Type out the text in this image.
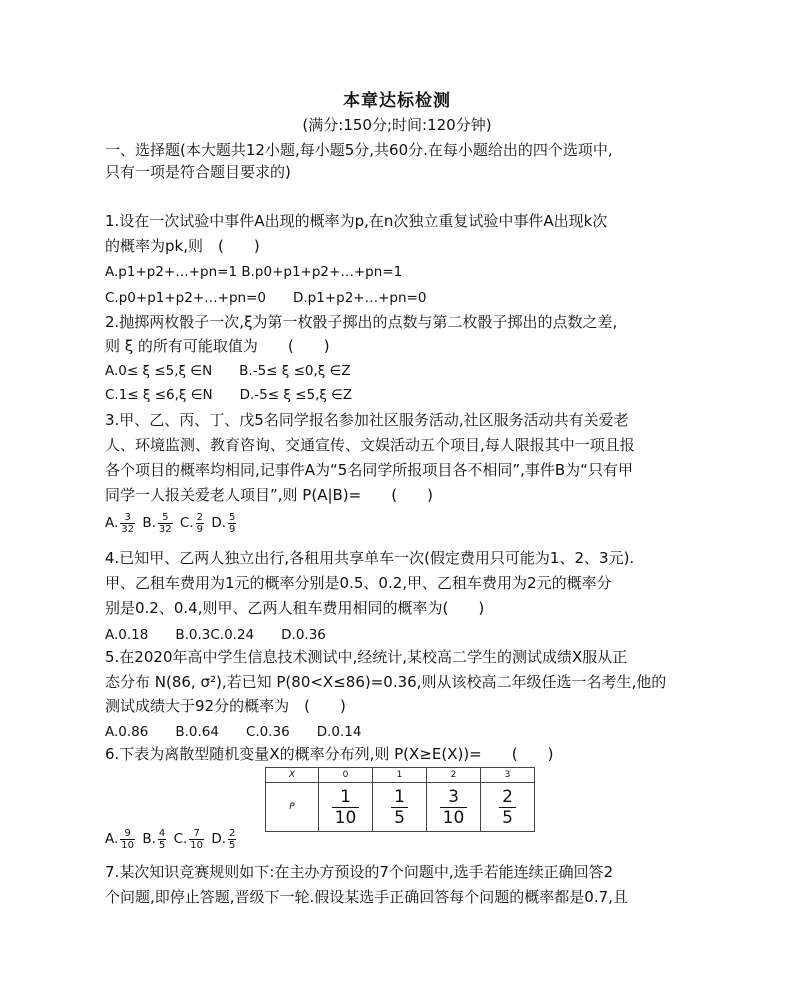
本章达标检测
(满分:150分;时间:120分钟)
一、选择题(本大题共12小题,每小题5分,共60分.在每小题给出的四个选项中,
只有一项是符合题目要求的)
1.设在一次试验中事件A出现的概率为p,在n次独立重复试验中事件A出现k次
的概率为pk,则　(　　)
A.p1+p2+…+pn=1 B.p0+p1+p2+…+pn=1
C.p0+p1+p2+…+pn=0　　D.p1+p2+…+pn=0
2.抛掷两枚骰子一次,ξ为第一枚骰子掷出的点数与第二枚骰子掷出的点数之差,
则 ξ 的所有可能取值为　　(　　)
A.0≤ ξ ≤5,ξ ∈N　　B.-5≤ ξ ≤0,ξ ∈Z
C.1≤ ξ ≤6,ξ ∈N　　D.-5≤ ξ ≤5,ξ ∈Z
3.甲、乙、丙、丁、戊5名同学报名参加社区服务活动,社区服务活动共有关爱老
人、环境监测、教育咨询、交通宣传、文娱活动五个项目,每人限报其中一项且报
各个项目的概率均相同,记事件A为“5名同学所报项目各不相同”,事件B为“只有甲
同学一人报关爱老人项目”,则 P(A|B)=　　(　　)
A. $\frac{3}{32} B$. $\frac{5}{32} C$. $\frac{2}{9} D$. $\frac{5}{9}$
4.已知甲、乙两人独立出行,各租用共享单车一次(假定费用只可能为1、2、3元).
甲、乙租车费用为1元的概率分别是0.5、0.2,甲、乙租车费用为2元的概率分
别是0.2、0.4,则甲、乙两人租车费用相同的概率为(　　)
A.0.18　　B.0.3C.0.24　　D.0.36
5.在2020年高中学生信息技术测试中,经统计,某校高二学生的测试成绩X服从正
态分布 N(86, σ²),若已知 P(80<X≤86)=0.36,则从该校高二年级任选一名考生,他的
测试成绩大于92分的概率为　(　　)
A.0.86　　B.0.64　　C.0.36　　D.0.14
6.下表为离散型随机变量X的概率分布列,则 P(X≥E(X))=　　(　　)
X	0	1	2	3
P	$\frac{1}{10}$	$\frac{1}{5}$	$\frac{3}{10}$	$\frac{2}{5}$
A. $\frac{9}{10} B$. $\frac{4}{5} C$. $\frac{7}{10} D$. $\frac{2}{5}$
7.某次知识竞赛规则如下:在主办方预设的7个问题中,选手若能连续正确回答2
个问题,即停止答题,晋级下一轮.假设某选手正确回答每个问题的概率都是0.7,且
